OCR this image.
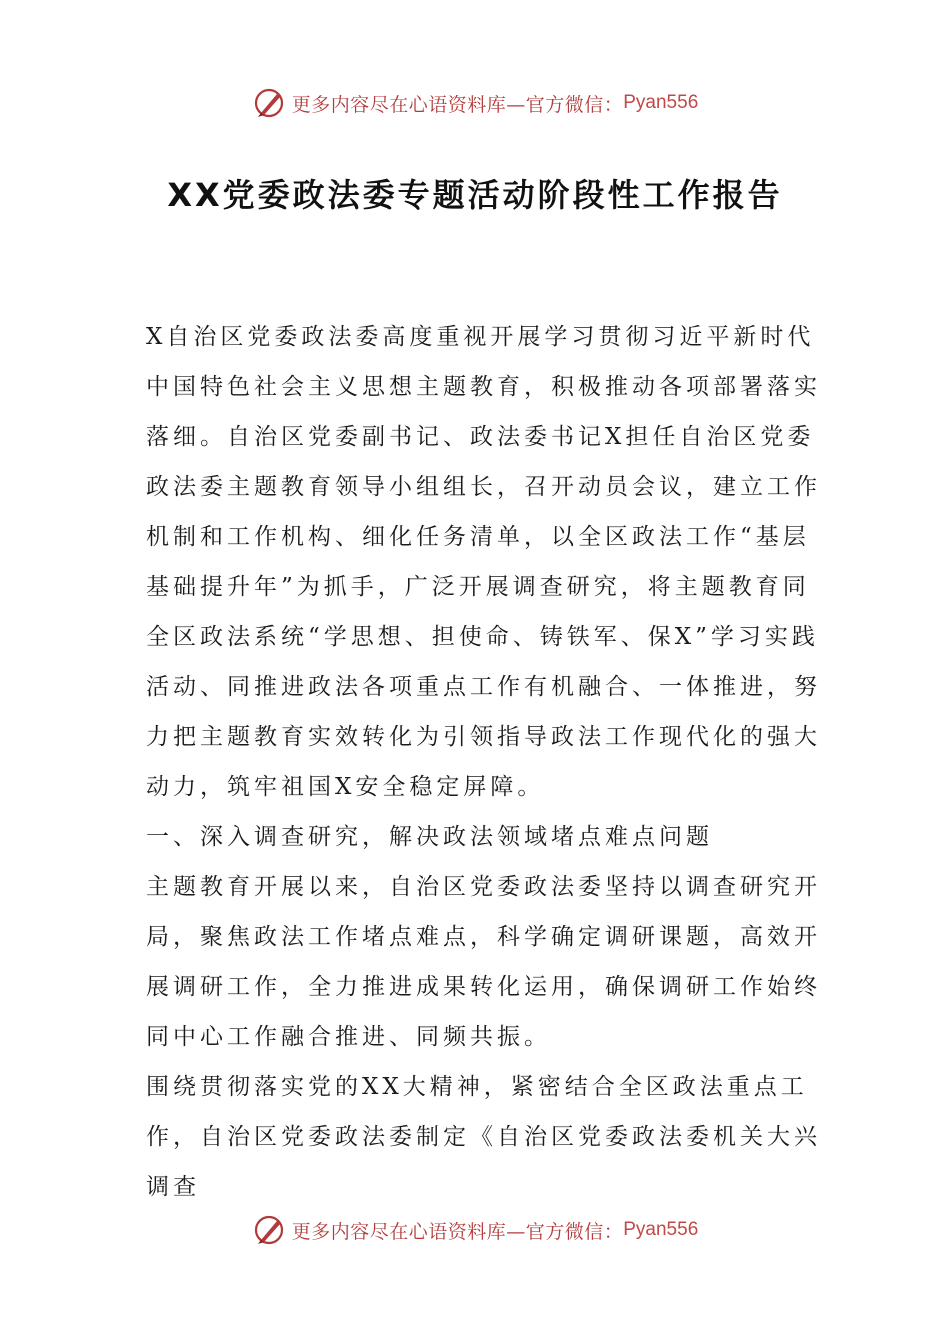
更多内容尽在心语资料库—官方微信： Pyan556
XX党委政法委专题活动阶段性工作报告

X自治区党委政法委高度重视开展学习贯彻习近平新时代中国特色社会主义思想主题教育，积极推动各项部署落实落细。自治区党委副书记、政法委书记X担任自治区党委政法委主题教育领导小组组长，召开动员会议，建立工作机制和工作机构、细化任务清单，以全区政法工作“基层基础提升年”为抓手，广泛开展调查研究，将主题教育同全区政法系统“学思想、担使命、铸铁军、保X”学习实践活动、同推进政法各项重点工作有机融合、一体推进，努力把主题教育实效转化为引领指导政法工作现代化的强大动力，筑牢祖国X安全稳定屏障。

一、深入调查研究，解决政法领域堵点难点问题

主题教育开展以来，自治区党委政法委坚持以调查研究开局，聚焦政法工作堵点难点，科学确定调研课题，高效开展调研工作，全力推进成果转化运用，确保调研工作始终同中心工作融合推进、同频共振。

围绕贯彻落实党的XX大精神，紧密结合全区政法重点工作，自治区党委政法委制定《自治区党委政法委机关大兴调查

更多内容尽在心语资料库—官方微信： Pyan556
